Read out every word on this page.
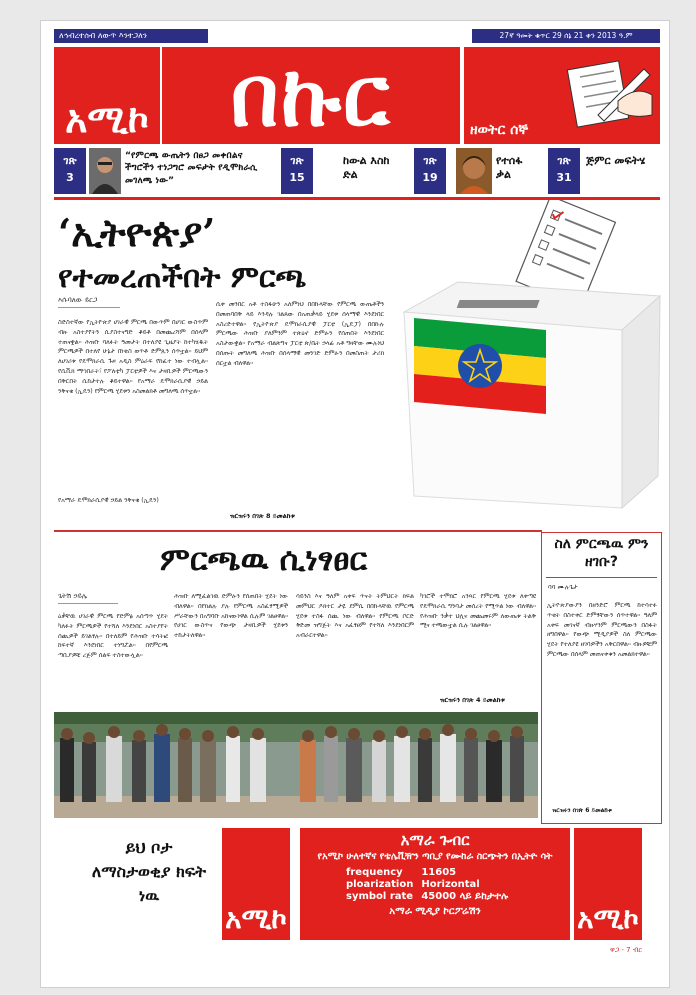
ለኅብረተሰብ ለውጥ እንተጋለን	27ኛ ዓመት ቁጥር 29 ሰኔ 21 ቀን 2013 ዓ.ም
አሚኮ በኩር	ዘወትር ሰኞ
ገጽ
3
“የምርጫ ውጤትን በፀጋ መቀበልና ችግሮችን ተነጋግሮ መፍታት የዲሞክራሲ መገለጫ ነው”
ገጽ
15
ከውል እስከ ድል
ገጽ
19
የተሰፋ ቃል
ገጽ
31
ጅምር መፍትሄ
‘ኢትዮጵያ’
የተመረጠችበት ምርጫ
እሱባለው ይርጋ
ስድስተኛው የኢትዮጵያ ሀገራዊ ምርጫ በውጥም በሀገር ውስጥም ብዙ አስተያየትን ሲያስተናግድ ቆይቶ በመጨረሻም በሰላም ተጠናቋል። ሕዝቡ ባለፉት ዓመታት በተለያዩ ጊዜያት ከተካሄዱት ምርጫዎች በተለየ ሁኔታ በነቂስ ወጥቶ ድምጹን ሰጥቷል። ይህም ለሀገሪቱ የዴሞክራሲ ጉዞ አዲስ ምዕራፍ የከፈተ ነው ተብሏል። የሲቪክ ማኅበራት፣ የፖለቲካ ፓርቲዎች እና ታዛቢዎች ምርጫውን በቅርበት ሲከታተሉ ቆይተዋል። የአማራ ዴሞክራሲያዊ ኃይል ንቅናቄ (ኢዴን) የምርጫ ሂደቱን አስመልክቶ መግለጫ ሰጥቷል።
የአማራ ዴሞክራሲያዊ ኃይል ንቅናቄ (ኢዴን)
ሲቀ መንበር አቶ ተስፋሁን አለምነህ በበኩላቸው የምርጫ ውጤቶችን በመጠባበቅ ላይ እንዳሉ ገልጸው በአጠቃላይ ሂደቱ ሰላማዊ እንደነበር አስረድተዋል። የኢትዮጵያ ዴሞክራሲያዊ ፓርቲ (ኢዴፓ) በበኩሉ ምርጫው ሕዝቡ ያለምንም ተጽዕኖ ድምፁን የሰጠበት እንደነበር አስታውቋል። የአማራ ብልጽግና ፓርቲ ጽ/ቤት ኃላፊ አቶ ግዛቸው ሙሉነህ በሰጡት መግለጫ ሕዝቡ በሰላማዊ መንገድ ድምፁን በመስጠት ታሪክ ሰርቷል ብለዋል።
ዝርዝሩን በገጽ 8 ይመልከቱ
ምርጫዉ ሲነፃፀር
ጌትሽ ኃይሌ
ዕቃቸዉ ሀገራዊ ምርጫ የድምፅ አሰጣጥ ሂደት ካለፉት ምርጫዎች የተሻለ እንደነበር አስተያየት ሰጪዎች ይገልፃሉ። በተለይም የሕዝቡ ተሳትፎ ከፍተኛ እንደነበር ተነግሯል። በየምርጫ ጣቢያዎቹ ረጅም ሰልፍ ተስተውሏል።
ሕዝቡ ለሚፈልገዉ ድምፁን የሰጠበት ሂደት ነው ብለዋል። በየክልሉ ያሉ የምርጫ አስፈፃሚዎች ሥራቸውን በአግባቡ አከናውነዋል ሲሉም ገልፀዋል። የሀገር ውስጥና የውጭ ታዛቢዎች ሂደቱን ተከታትለዋል።
ሳይንስ እና ዓለም አቀፍ ጥናት ትምህርት ክፍል መምህር ዶክተር ታዬ ደምሴ በበኩላቸዉ የምርጫ ሂደቱ ተስፋ ሰጪ ነው ብለዋል። የምርጫ ቦርድ ቅድመ ዝግጅት እና አፈፃፀም የተሻለ እንደነበርም አብራርተዋል።
ካገሮች ተሞክሮ አንጻር የምርጫ ሂደቱ ለቀጣዩ የዴሞክራሲ ግንባታ መሰረት የሚጥል ነው ብለዋል። የሕዝቡ ንቃተ ህሊና መጨመሩም ለውጤቱ ትልቅ ሚና ተጫውቷል ሲሉ ገልፀዋል።
ዝርዝሩን በገጽ 4 ይመልከቱ
ስለ ምርጫዉ ምን ዘገቡ?
ባባ ሙሉጌታ
ኢትዮጵያውያን በዘንድሮ ምርጫ ከተሳተፉ ጥቂት በስተቀር ድምፃቸውን ሰጥተዋል። ዓለም አቀፍ መገናኛ ብዙሃንም ምርጫውን በስፋት ዘግበዋል። የውጭ ሚዲያዎች ስለ ምርጫው ሂደት የተለያዩ ዘገባዎችን አቅርበዋል። ብዙዎቹም ምርጫው በሰላም መጠናቀቁን አመልክተዋል።
ዝርዝሩን በገጽ 6 ይመልከቱ
ይህ ቦታ ለማስታወቂያ ክፍት ነዉ
አሚኮ
አማራ ጉብር
የአሚኮ ሁለተኛና የቴሌቪዥን ጣቢያ የሙከራ ስርጭትን በኢትዮ ሳት
frequency	11605
ploarization	Horizontal
symbol rate	45000 ላይ ይከታተሉ
አማራ ሚዲያ ኮርፖሬሽን	አሚኮ
ዋጋ - 7 ብር
